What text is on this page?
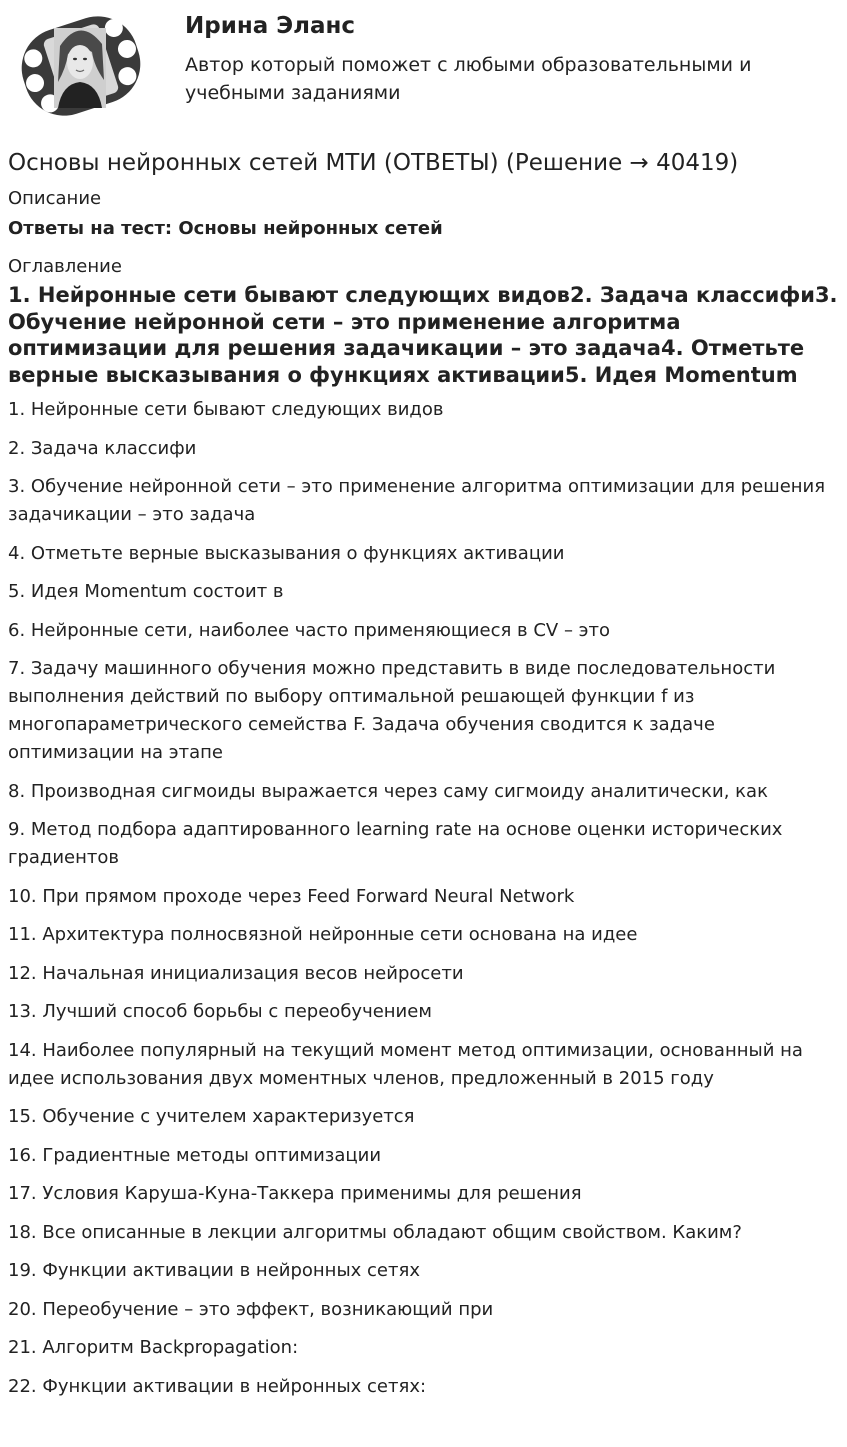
Ирина Эланс

Автор который поможет с любыми образовательными и учебными заданиями

Основы нейронных сетей МТИ (ОТВЕТЫ) (Решение → 40419)

Описание

Ответы на тест: Основы нейронных сетей

Оглавление

1. Нейронные сети бывают следующих видов2. Задача классифи3. Обучение нейронной сети – это применение алгоритма оптимизации для решения задачикации – это задача4. Отметьте верные высказывания о функциях активации5. Идея Momentum

1. Нейронные сети бывают следующих видов
2. Задача классифи
3. Обучение нейронной сети – это применение алгоритма оптимизации для решения задачикации – это задача
4. Отметьте верные высказывания о функциях активации
5. Идея Momentum состоит в
6. Нейронные сети, наиболее часто применяющиеся в CV – это
7. Задачу машинного обучения можно представить в виде последовательности выполнения действий по выбору оптимальной решающей функции f из многопараметрического семейства F. Задача обучения сводится к задаче оптимизации на этапе
8. Производная сигмоиды выражается через саму сигмоиду аналитически, как
9. Метод подбора адаптированного learning rate на основе оценки исторических градиентов
10. При прямом проходе через Feed Forward Neural Network
11. Архитектура полносвязной нейронные сети основана на идее
12. Начальная инициализация весов нейросети
13. Лучший способ борьбы с переобучением
14. Наиболее популярный на текущий момент метод оптимизации, основанный на идее использования двух моментных членов, предложенный в 2015 году
15. Обучение с учителем характеризуется
16. Градиентные методы оптимизации
17. Условия Каруша-Куна-Таккера применимы для решения
18. Все описанные в лекции алгоритмы обладают общим свойством. Каким?
19. Функции активации в нейронных сетях
20. Переобучение – это эффект, возникающий при
21. Алгоритм Backpropagation:
22. Функции активации в нейронных сетях:
